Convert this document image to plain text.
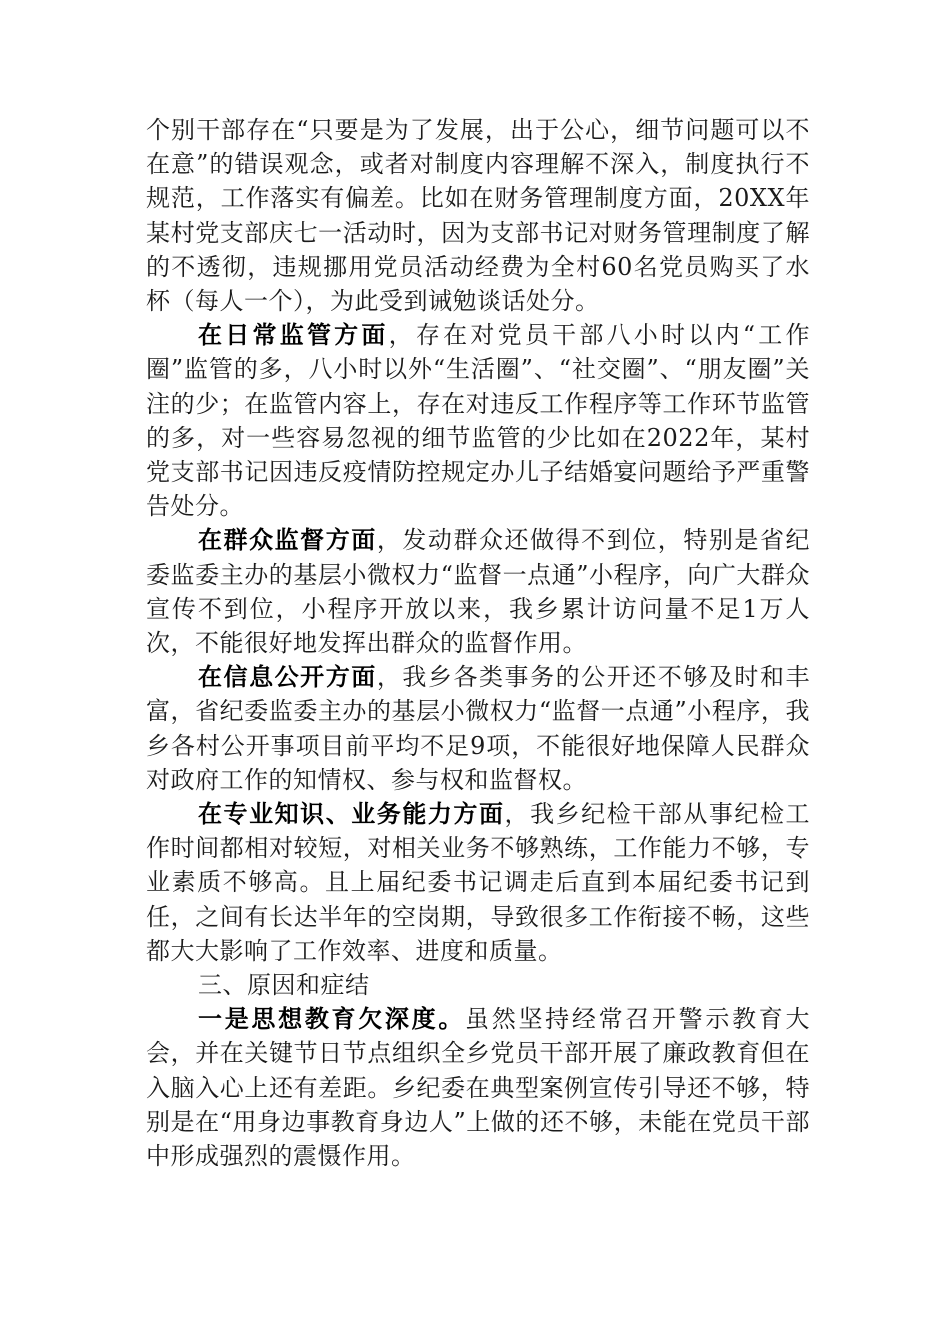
个别干部存在“只要是为了发展，出于公心，细节问题可以不在意”的错误观念，或者对制度内容理解不深入，制度执行不规范，工作落实有偏差。比如在财务管理制度方面，20XX年某村党支部庆七一活动时，因为支部书记对财务管理制度了解的不透彻，违规挪用党员活动经费为全村60名党员购买了水杯（每人一个），为此受到诫勉谈话处分。

在日常监管方面，存在对党员干部八小时以内“工作圈”监管的多，八小时以外“生活圈”、“社交圈”、“朋友圈”关注的少；在监管内容上，存在对违反工作程序等工作环节监管的多，对一些容易忽视的细节监管的少比如在2022年，某村党支部书记因违反疫情防控规定办儿子结婚宴问题给予严重警告处分。

在群众监督方面，发动群众还做得不到位，特别是省纪委监委主办的基层小微权力“监督一点通”小程序，向广大群众宣传不到位，小程序开放以来，我乡累计访问量不足1万人次，不能很好地发挥出群众的监督作用。

在信息公开方面，我乡各类事务的公开还不够及时和丰富，省纪委监委主办的基层小微权力“监督一点通”小程序，我乡各村公开事项目前平均不足9项，不能很好地保障人民群众对政府工作的知情权、参与权和监督权。

在专业知识、业务能力方面，我乡纪检干部从事纪检工作时间都相对较短，对相关业务不够熟练，工作能力不够，专业素质不够高。且上届纪委书记调走后直到本届纪委书记到任，之间有长达半年的空岗期，导致很多工作衔接不畅，这些都大大影响了工作效率、进度和质量。

三、原因和症结

一是思想教育欠深度。虽然坚持经常召开警示教育大会，并在关键节日节点组织全乡党员干部开展了廉政教育但在入脑入心上还有差距。乡纪委在典型案例宣传引导还不够，特别是在“用身边事教育身边人”上做的还不够，未能在党员干部中形成强烈的震慑作用。
